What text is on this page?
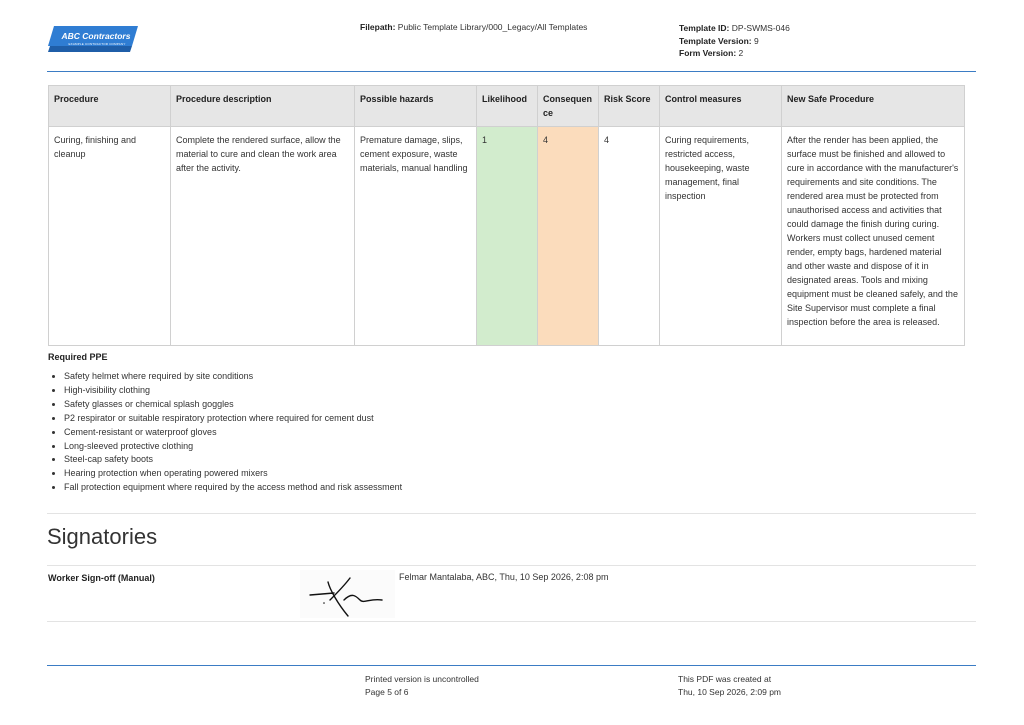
ABC Contractors
EXAMPLE CONTRACTOR COMPANY
Filepath: Public Template Library/000_Legacy/All Templates	Template ID: DP-SWMS-046
Template Version: 9
Form Version: 2
Procedure	Procedure description	Possible hazards	Likelihood	Consequen ce	Risk Score	Control measures	New Safe Procedure
Curing, finishing and cleanup	Complete the rendered surface, allow the material to cure and clean the work area after the activity.	Premature damage, slips, cement exposure, waste materials, manual handling	1	4	4	Curing requirements, restricted access, housekeeping, waste management, final inspection	After the render has been applied, the surface must be finished and allowed to cure in accordance with the manufacturer's requirements and site conditions. The rendered area must be protected from unauthorised access and activities that could damage the finish during curing. Workers must collect unused cement render, empty bags, hardened material and other waste and dispose of it in designated areas. Tools and mixing equipment must be cleaned safely, and the Site Supervisor must complete a final inspection before the area is released.
Required PPE
• Safety helmet where required by site conditions
• High-visibility clothing
• Safety glasses or chemical splash goggles
• P2 respirator or suitable respiratory protection where required for cement dust
• Cement-resistant or waterproof gloves
• Long-sleeved protective clothing
• Steel-cap safety boots
• Hearing protection when operating powered mixers
• Fall protection equipment where required by the access method and risk assessment
Signatories
Worker Sign-off (Manual)	Felmar Mantalaba, ABC, Thu, 10 Sep 2026, 2:08 pm
Printed version is uncontrolled
Page 5 of 6
This PDF was created at
Thu, 10 Sep 2026, 2:09 pm
